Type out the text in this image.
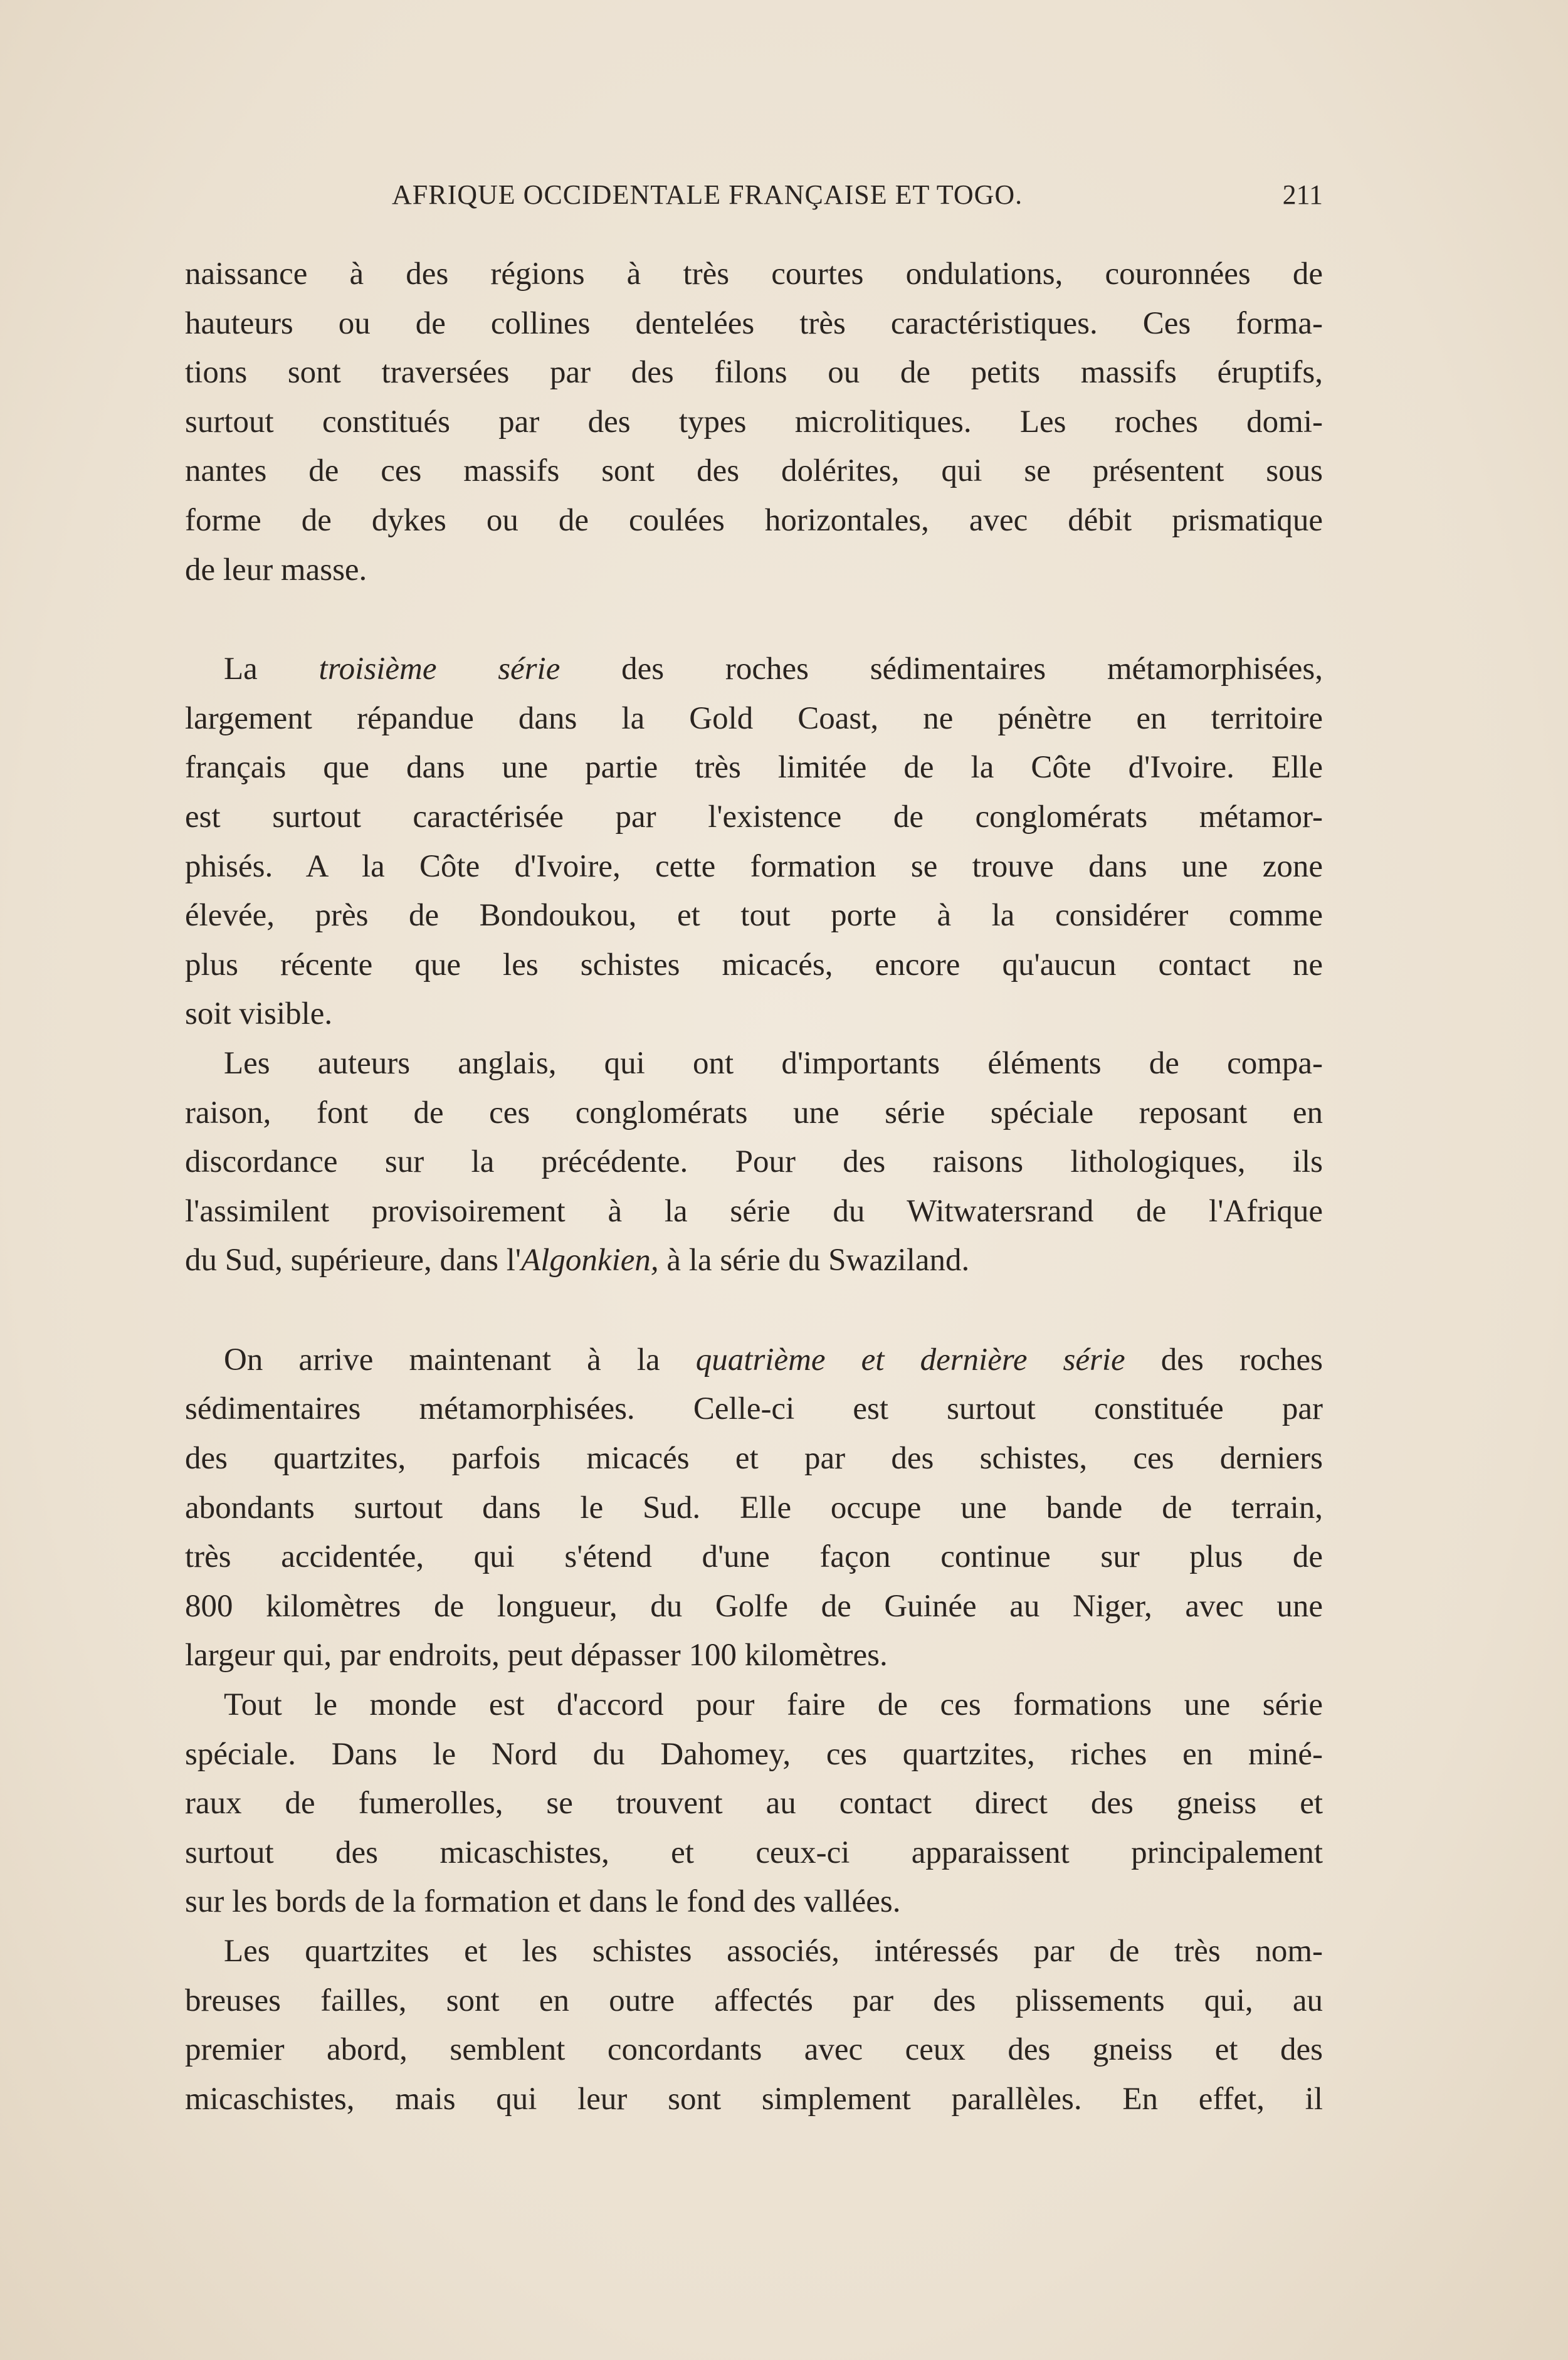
AFRIQUE OCCIDENTALE FRANÇAISE ET TOGO.	211
naissance à des régions à très courtes ondulations, couronnées de
hauteurs ou de collines dentelées très caractéristiques. Ces forma-
tions sont traversées par des filons ou de petits massifs éruptifs,
surtout constitués par des types microlitiques. Les roches domi-
nantes de ces massifs sont des dolérites, qui se présentent sous
forme de dykes ou de coulées horizontales, avec débit prismatique
de leur masse.
La troisième série des roches sédimentaires métamorphisées,
largement répandue dans la Gold Coast, ne pénètre en territoire
français que dans une partie très limitée de la Côte d'Ivoire. Elle
est surtout caractérisée par l'existence de conglomérats métamor-
phisés. A la Côte d'Ivoire, cette formation se trouve dans une zone
élevée, près de Bondoukou, et tout porte à la considérer comme
plus récente que les schistes micacés, encore qu'aucun contact ne
soit visible.
Les auteurs anglais, qui ont d'importants éléments de compa-
raison, font de ces conglomérats une série spéciale reposant en
discordance sur la précédente. Pour des raisons lithologiques, ils
l'assimilent provisoirement à la série du Witwatersrand de l'Afrique
du Sud, supérieure, dans l'Algonkien, à la série du Swaziland.
On arrive maintenant à la quatrième et dernière série des roches
sédimentaires métamorphisées. Celle-ci est surtout constituée par
des quartzites, parfois micacés et par des schistes, ces derniers
abondants surtout dans le Sud. Elle occupe une bande de terrain,
très accidentée, qui s'étend d'une façon continue sur plus de
800 kilomètres de longueur, du Golfe de Guinée au Niger, avec une
largeur qui, par endroits, peut dépasser 100 kilomètres.
Tout le monde est d'accord pour faire de ces formations une série
spéciale. Dans le Nord du Dahomey, ces quartzites, riches en miné-
raux de fumerolles, se trouvent au contact direct des gneiss et
surtout des micaschistes, et ceux-ci apparaissent principalement
sur les bords de la formation et dans le fond des vallées.
Les quartzites et les schistes associés, intéressés par de très nom-
breuses failles, sont en outre affectés par des plissements qui, au
premier abord, semblent concordants avec ceux des gneiss et des
micaschistes, mais qui leur sont simplement parallèles. En effet, il
